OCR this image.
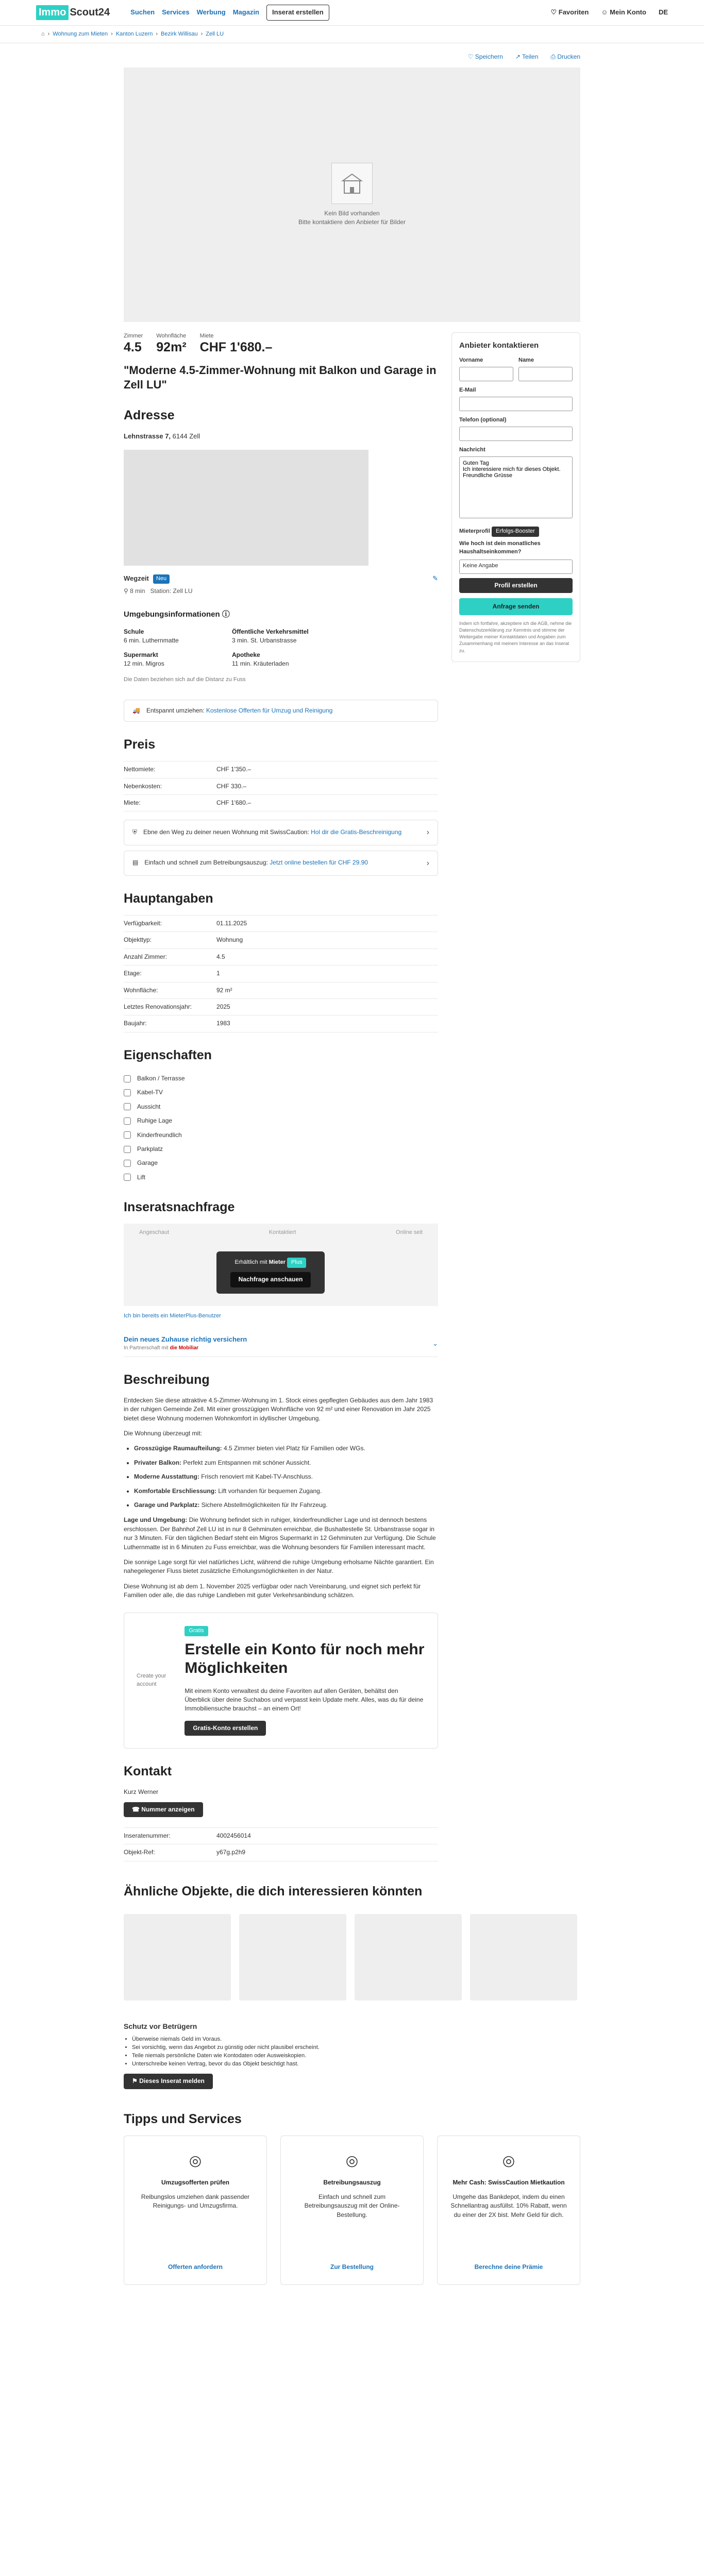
Immo Scout24	Suchen Services Werbung Magazin	Inserat erstellen	♡ Favoriten ☺ Mein Konto DE
⌂ › Wohnung zum Mieten › Kanton Luzern › Bezirk Willisau › Zell LU
♡ Speichern ↗ Teilen ⎙ Drucken
Kein Bild vorhanden
Bitte kontaktiere den Anbieter für Bilder
Zimmer
4.5
Wohnfläche
92m²
Miete
CHF 1'680.–
"Moderne 4.5-Zimmer-Wohnung mit Balkon und Garage in Zell LU"
Adresse
Lehnstrasse 7, 6144 Zell
Wegzeit	Neu	✎
⚲ 8 min Station: Zell LU
Umgebungsinformationen ⓘ
Schule
6 min. Luthernmatte
Öffentliche Verkehrsmittel
3 min. St. Urbanstrasse
Supermarkt
12 min. Migros
Apotheke
11 min. Kräuterladen
Die Daten beziehen sich auf die Distanz zu Fuss
🚚 Entspannt umziehen: Kostenlose Offerten für Umzug und Reinigung
Preis
Nettomiete:	CHF 1'350.–
Nebenkosten:	CHF 330.–
Miete:	CHF 1'680.–
⛨ Ebne den Weg zu deiner neuen Wohnung mit SwissCaution: Hol dir die Gratis-Beschreinigung	›
▤ Einfach und schnell zum Betreibungsauszug: Jetzt online bestellen für CHF 29.90	›
Hauptangaben
Verfügbarkeit:	01.11.2025
Objekttyp:	Wohnung
Anzahl Zimmer:	4.5
Etage:	1
Wohnfläche:	92 m²
Letztes Renovationsjahr:	2025
Baujahr:	1983
Eigenschaften
Balkon / Terrasse
Kabel-TV
Aussicht
Ruhige Lage
Kinderfreundlich
Parkplatz
Garage
Lift
Inseratsnachfrage
Angeschaut	Kontaktiert	Online seit
Erhältlich mit Mieter Plus
Nachfrage anschauen
Ich bin bereits ein MieterPlus-Benutzer
Dein neues Zuhause richtig versichern
In Partnerschaft mit die Mobiliar
⌄
Beschreibung

Entdecken Sie diese attraktive 4.5-Zimmer-Wohnung im 1. Stock eines gepflegten Gebäudes aus dem Jahr 1983 in der ruhigen Gemeinde Zell. Mit einer grosszügigen Wohnfläche von 92 m² und einer Renovation im Jahr 2025 bietet diese Wohnung modernen Wohnkomfort in idyllischer Umgebung.

Die Wohnung überzeugt mit:

• Grosszügige Raumaufteilung: 4.5 Zimmer bieten viel Platz für Familien oder WGs.
• Privater Balkon: Perfekt zum Entspannen mit schöner Aussicht.
• Moderne Ausstattung: Frisch renoviert mit Kabel-TV-Anschluss.
• Komfortable Erschliessung: Lift vorhanden für bequemen Zugang.
• Garage und Parkplatz: Sichere Abstellmöglichkeiten für Ihr Fahrzeug.

Lage und Umgebung: Die Wohnung befindet sich in ruhiger, kinderfreundlicher Lage und ist dennoch bestens erschlossen. Der Bahnhof Zell LU ist in nur 8 Gehminuten erreichbar, die Bushaltestelle St. Urbanstrasse sogar in nur 3 Minuten. Für den täglichen Bedarf steht ein Migros Supermarkt in 12 Gehminuten zur Verfügung. Die Schule Luthernmatte ist in 6 Minuten zu Fuss erreichbar, was die Wohnung besonders für Familien interessant macht.

Die sonnige Lage sorgt für viel natürliches Licht, während die ruhige Umgebung erholsame Nächte garantiert. Ein nahegelegener Fluss bietet zusätzliche Erholungsmöglichkeiten in der Natur.

Diese Wohnung ist ab dem 1. November 2025 verfügbar oder nach Vereinbarung, und eignet sich perfekt für Familien oder alle, die das ruhige Landleben mit guter Verkehrsanbindung schätzen.

Create your account
Gratis
Erstelle ein Konto für noch mehr Möglichkeiten

Mit einem Konto verwaltest du deine Favoriten auf allen Geräten, behältst den Überblick über deine Suchabos und verpasst kein Update mehr. Alles, was du für deine Immobiliensuche brauchst – an einem Ort!

Gratis-Konto erstellen
Kontakt
Kurz Werner
☎ Nummer anzeigen
Inseratenummer:	4002456014
Objekt-Ref:	y67g.p2h9
Anbieter kontaktieren
Vorname	Name
E-Mail
Telefon (optional)
Nachricht
Guten Tag Ich interessiere mich für dieses Objekt. Freundliche Grüsse
Mieterprofil Erfolgs-Booster
Wie hoch ist dein monatliches Haushaltseinkommen?
Keine Angabe
Profil erstellen
Anfrage senden
Indem ich fortfahre, akzeptiere ich die AGB, nehme die Datenschutzerklärung zur Kenntnis und stimme der Weitergabe meiner Kontaktdaten und Angaben zum Zusammenhang mit meinem Interesse an das Inserat zu.
Ähnliche Objekte, die dich interessieren könnten
Schutz vor Betrügern
• Überweise niemals Geld im Voraus.
• Sei vorsichtig, wenn das Angebot zu günstig oder nicht plausibel erscheint.
• Teile niemals persönliche Daten wie Kontodaten oder Ausweiskopien.
• Unterschreibe keinen Vertrag, bevor du das Objekt besichtigt hast.
⚑ Dieses Inserat melden
Tipps und Services
◎
Umzugsofferten prüfen
Reibungslos umziehen dank passender Reinigungs- und Umzugsfirma.
Offerten anfordern
◎
Betreibungsauszug
Einfach und schnell zum Betreibungsauszug mit der Online-Bestellung.
Zur Bestellung
◎
Mehr Cash: SwissCaution Mietkaution
Umgehe das Bankdepot, indem du einen Schnellantrag ausfüllst. 10% Rabatt, wenn du einer der 2X bist. Mehr Geld für dich.
Berechne deine Prämie
